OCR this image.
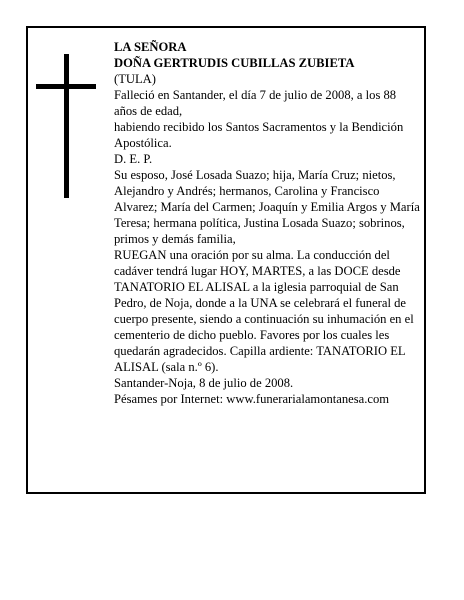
LA SEÑORA
DOÑA GERTRUDIS CUBILLAS ZUBIETA
(TULA)
Falleció en Santander, el día 7 de julio de 2008, a los 88 años de edad,
habiendo recibido los Santos Sacramentos y la Bendición Apostólica.
D. E. P.
Su esposo, José Losada Suazo; hija, María Cruz; nietos, Alejandro y Andrés; hermanos, Carolina y Francisco Alvarez; María del Carmen; Joaquín y Emilia Argos y María Teresa; hermana política, Justina Losada Suazo; sobrinos, primos y demás familia,
RUEGAN una oración por su alma. La conducción del cadáver tendrá lugar HOY, MARTES, a las DOCE desde TANATORIO EL ALISAL a la iglesia parroquial de San Pedro, de Noja, donde a la UNA se celebrará el funeral de cuerpo presente, siendo a continuación su inhumación en el cementerio de dicho pueblo. Favores por los cuales les quedarán agradecidos. Capilla ardiente: TANATORIO EL ALISAL (sala n.º 6).
Santander-Noja, 8 de julio de 2008.
Pésames por Internet: www.funerarialamontanesa.com
